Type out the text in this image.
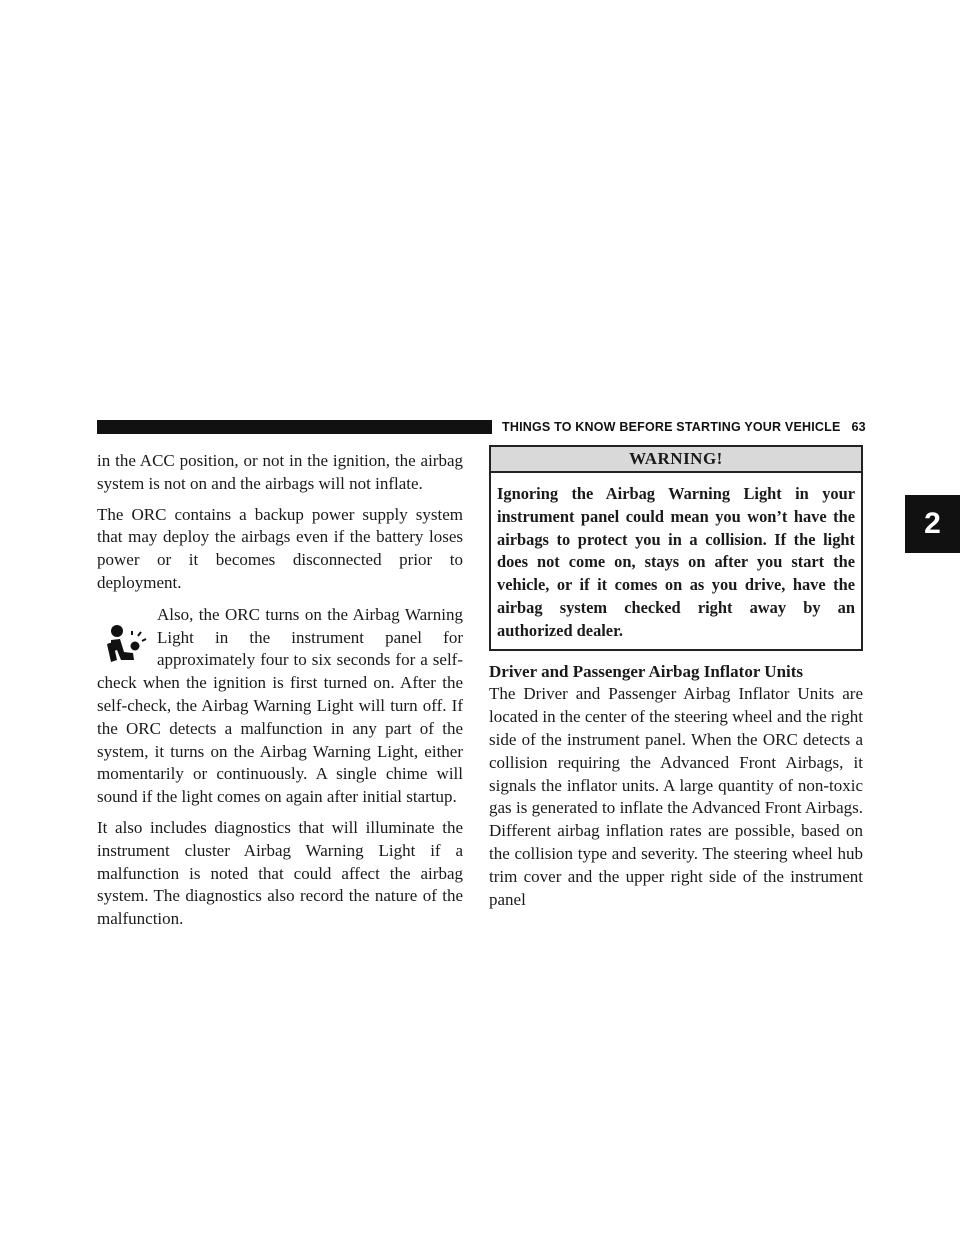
THINGS TO KNOW BEFORE STARTING YOUR VEHICLE 63
2

in the ACC position, or not in the ignition, the airbag system is not on and the airbags will not inflate.

The ORC contains a backup power supply system that may deploy the airbags even if the battery loses power or it becomes disconnected prior to deployment.

Also, the ORC turns on the Airbag Warning Light in the instrument panel for approximately four to six seconds for a self-check when the ignition is first turned on. After the self-check, the Airbag Warning Light will turn off. If the ORC detects a malfunction in any part of the system, it turns on the Airbag Warning Light, either momentarily or continuously. A single chime will sound if the light comes on again after initial startup.

It also includes diagnostics that will illuminate the instrument cluster Airbag Warning Light if a malfunction is noted that could affect the airbag system. The diagnostics also record the nature of the malfunction.

WARNING!

Ignoring the Airbag Warning Light in your instrument panel could mean you won’t have the airbags to protect you in a collision. If the light does not come on, stays on after you start the vehicle, or if it comes on as you drive, have the airbag system checked right away by an authorized dealer.

Driver and Passenger Airbag Inflator Units

The Driver and Passenger Airbag Inflator Units are located in the center of the steering wheel and the right side of the instrument panel. When the ORC detects a collision requiring the Advanced Front Airbags, it signals the inflator units. A large quantity of non-toxic gas is generated to inflate the Advanced Front Airbags. Different airbag inflation rates are possible, based on the collision type and severity. The steering wheel hub trim cover and the upper right side of the instrument panel
